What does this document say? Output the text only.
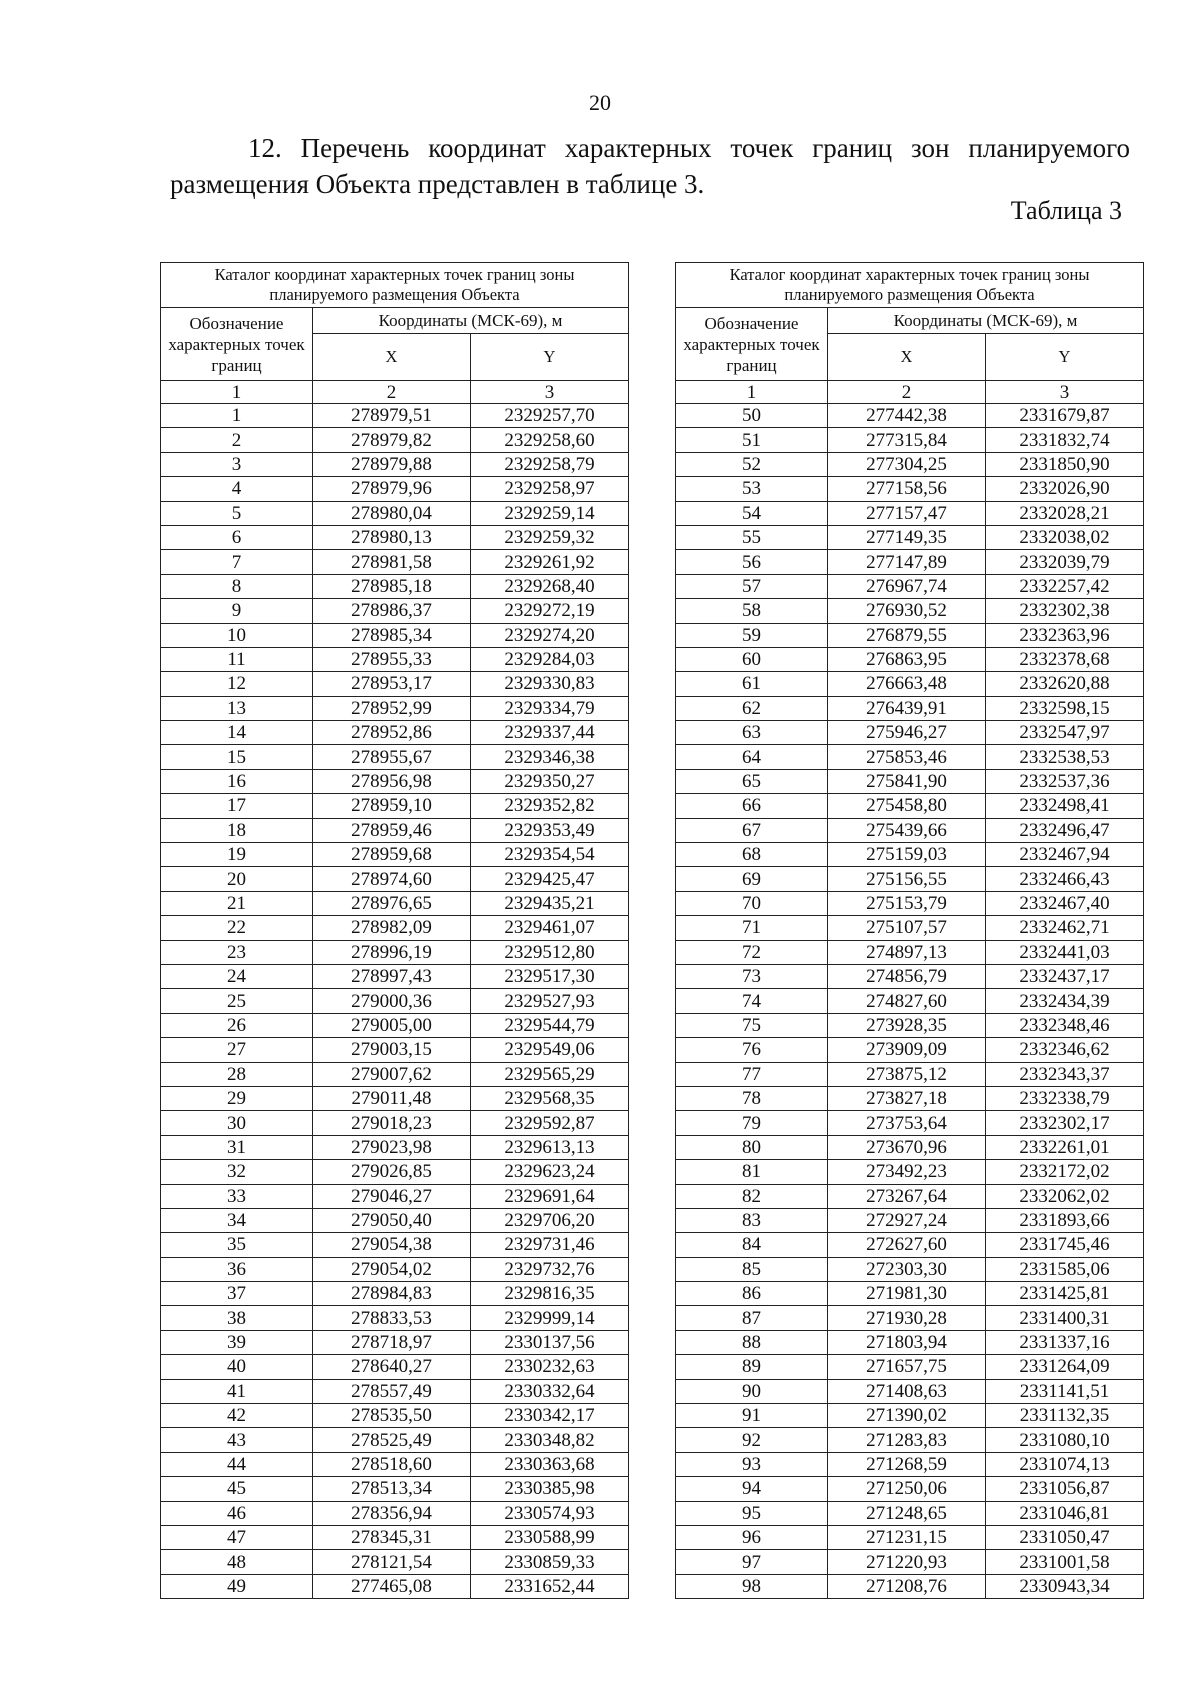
20
12. Перечень координат характерных точек границ зон планируемого
размещения Объекта представлен в таблице 3.
Таблица 3
Каталог координат характерных точек границ зоны планируемого размещения Объекта		
Обозначение характерных точек границ	Координаты (МСК-69), м	
	X	Y
1	2	3
1	278979,51	2329257,70
2	278979,82	2329258,60
3	278979,88	2329258,79
4	278979,96	2329258,97
5	278980,04	2329259,14
6	278980,13	2329259,32
7	278981,58	2329261,92
8	278985,18	2329268,40
9	278986,37	2329272,19
10	278985,34	2329274,20
11	278955,33	2329284,03
12	278953,17	2329330,83
13	278952,99	2329334,79
14	278952,86	2329337,44
15	278955,67	2329346,38
16	278956,98	2329350,27
17	278959,10	2329352,82
18	278959,46	2329353,49
19	278959,68	2329354,54
20	278974,60	2329425,47
21	278976,65	2329435,21
22	278982,09	2329461,07
23	278996,19	2329512,80
24	278997,43	2329517,30
25	279000,36	2329527,93
26	279005,00	2329544,79
27	279003,15	2329549,06
28	279007,62	2329565,29
29	279011,48	2329568,35
30	279018,23	2329592,87
31	279023,98	2329613,13
32	279026,85	2329623,24
33	279046,27	2329691,64
34	279050,40	2329706,20
35	279054,38	2329731,46
36	279054,02	2329732,76
37	278984,83	2329816,35
38	278833,53	2329999,14
39	278718,97	2330137,56
40	278640,27	2330232,63
41	278557,49	2330332,64
42	278535,50	2330342,17
43	278525,49	2330348,82
44	278518,60	2330363,68
45	278513,34	2330385,98
46	278356,94	2330574,93
47	278345,31	2330588,99
48	278121,54	2330859,33
49	277465,08	2331652,44
Каталог координат характерных точек границ зоны планируемого размещения Объекта		
Обозначение характерных точек границ	Координаты (МСК-69), м	
	X	Y
1	2	3
50	277442,38	2331679,87
51	277315,84	2331832,74
52	277304,25	2331850,90
53	277158,56	2332026,90
54	277157,47	2332028,21
55	277149,35	2332038,02
56	277147,89	2332039,79
57	276967,74	2332257,42
58	276930,52	2332302,38
59	276879,55	2332363,96
60	276863,95	2332378,68
61	276663,48	2332620,88
62	276439,91	2332598,15
63	275946,27	2332547,97
64	275853,46	2332538,53
65	275841,90	2332537,36
66	275458,80	2332498,41
67	275439,66	2332496,47
68	275159,03	2332467,94
69	275156,55	2332466,43
70	275153,79	2332467,40
71	275107,57	2332462,71
72	274897,13	2332441,03
73	274856,79	2332437,17
74	274827,60	2332434,39
75	273928,35	2332348,46
76	273909,09	2332346,62
77	273875,12	2332343,37
78	273827,18	2332338,79
79	273753,64	2332302,17
80	273670,96	2332261,01
81	273492,23	2332172,02
82	273267,64	2332062,02
83	272927,24	2331893,66
84	272627,60	2331745,46
85	272303,30	2331585,06
86	271981,30	2331425,81
87	271930,28	2331400,31
88	271803,94	2331337,16
89	271657,75	2331264,09
90	271408,63	2331141,51
91	271390,02	2331132,35
92	271283,83	2331080,10
93	271268,59	2331074,13
94	271250,06	2331056,87
95	271248,65	2331046,81
96	271231,15	2331050,47
97	271220,93	2331001,58
98	271208,76	2330943,34
